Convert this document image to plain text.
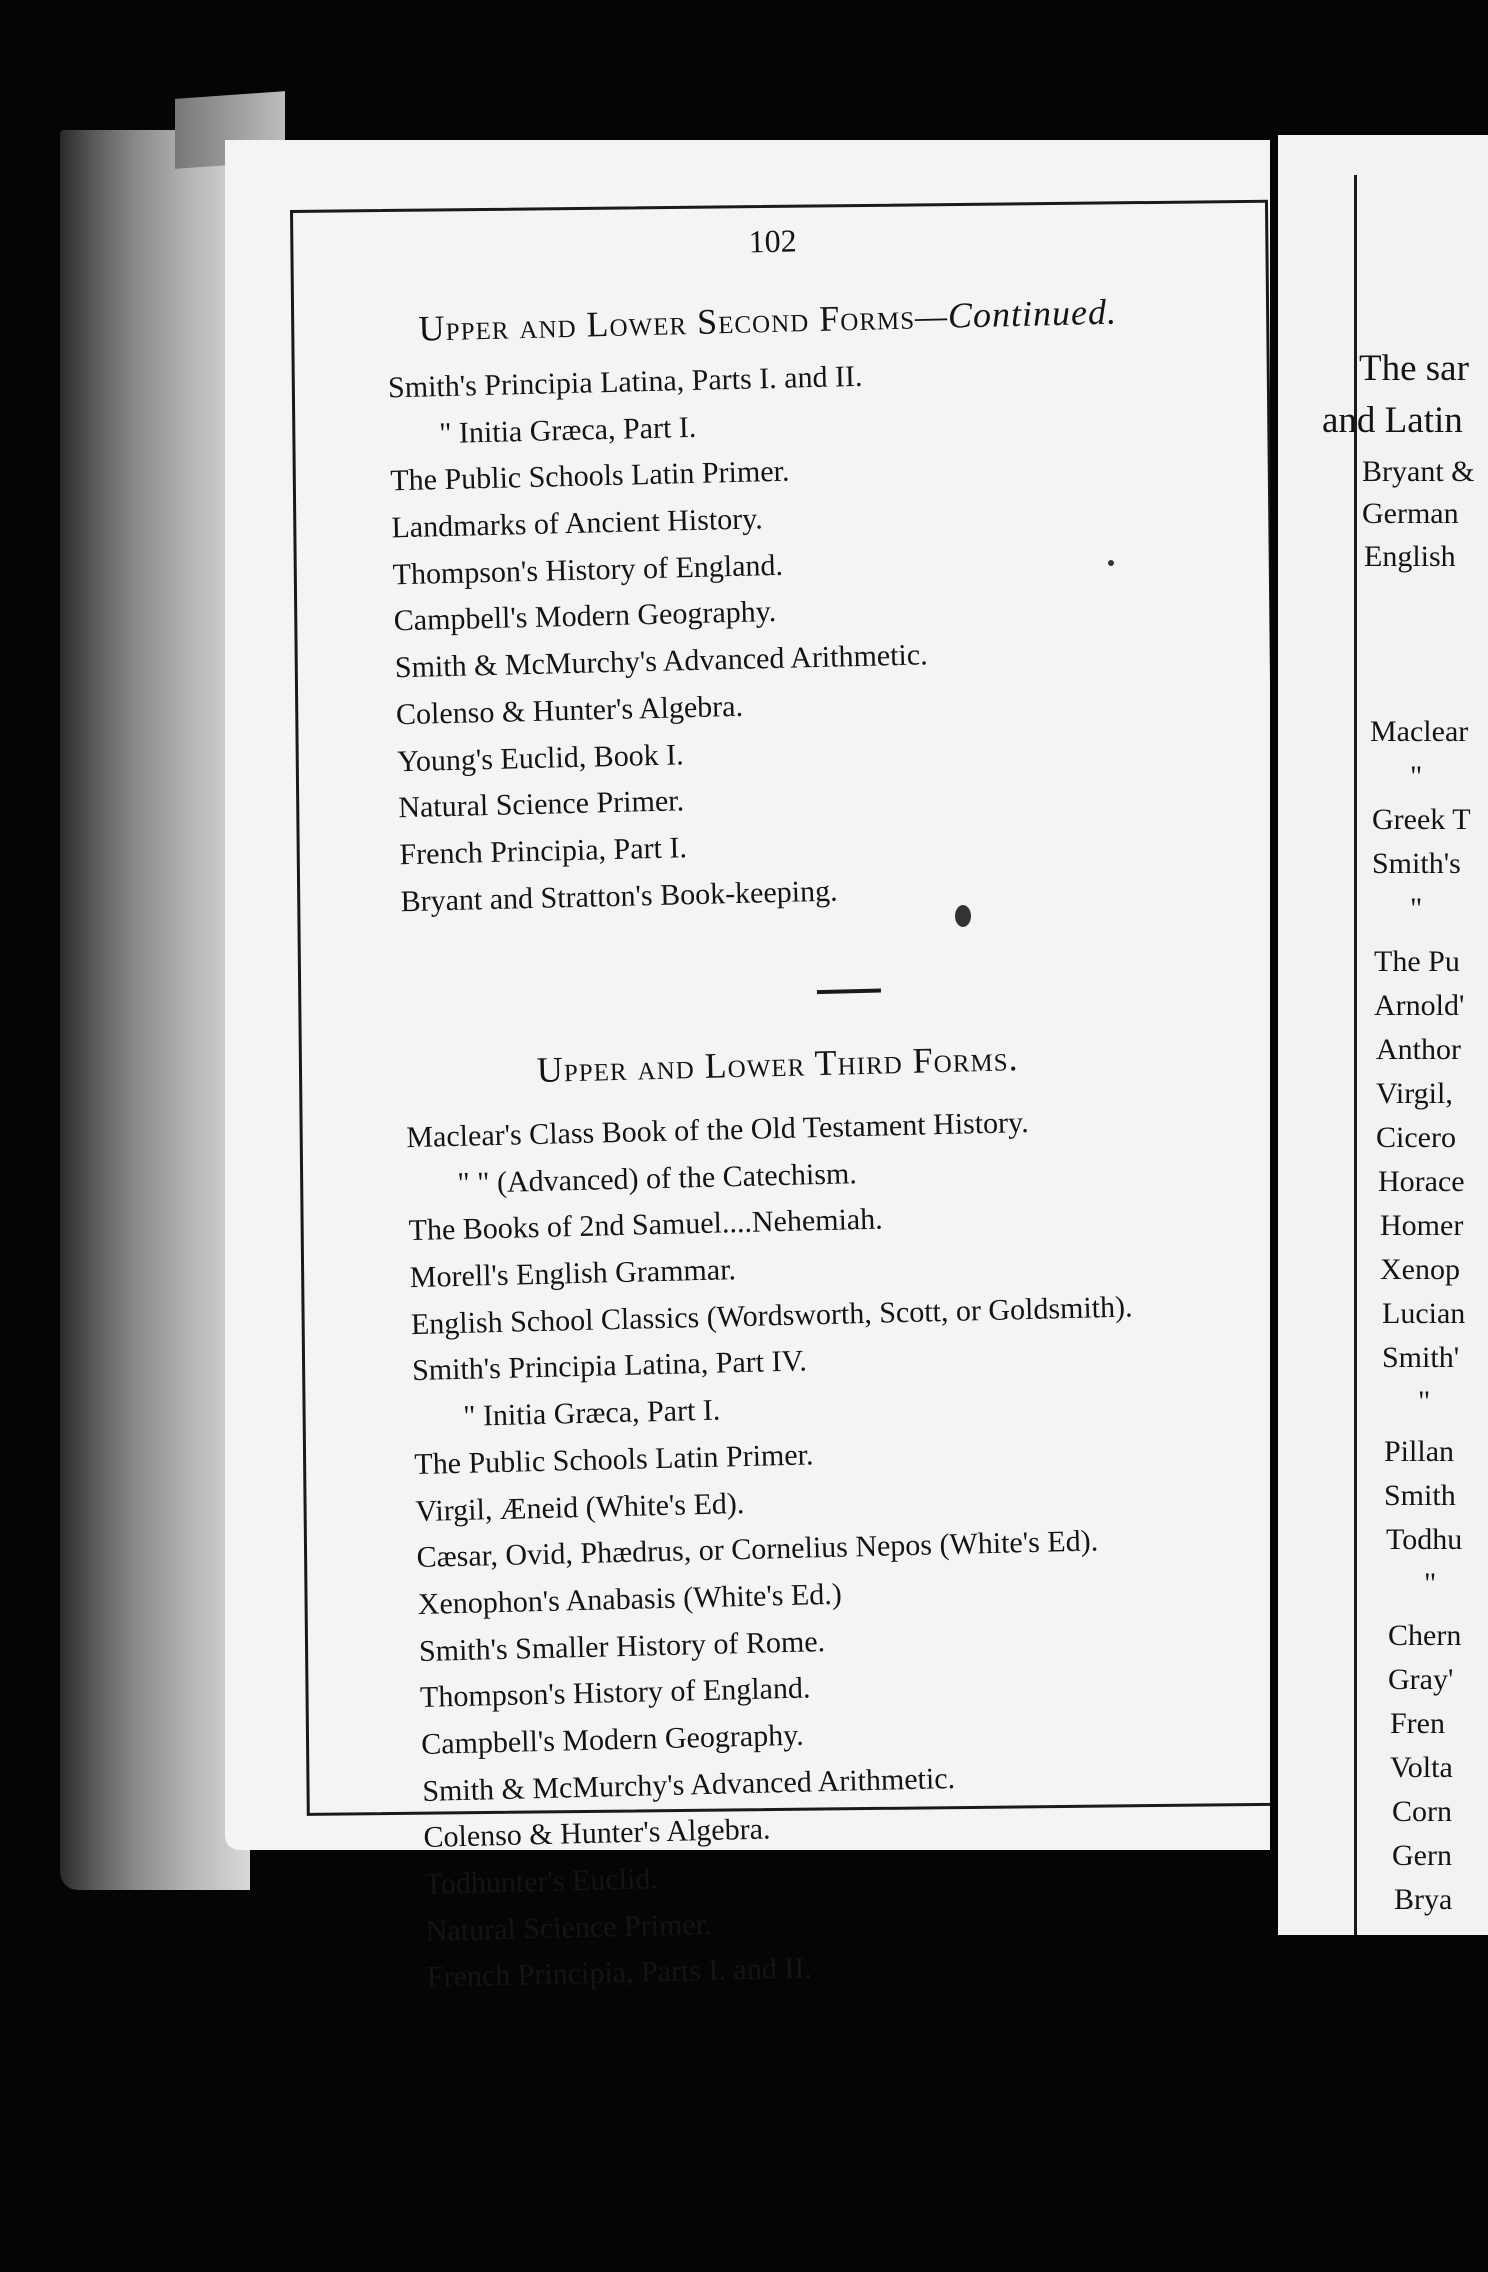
102
Upper and Lower Second Forms—Continued.
Smith's Principia Latina, Parts I. and II.
" Initia Græca, Part I.
The Public Schools Latin Primer.
Landmarks of Ancient History.
Thompson's History of England.
Campbell's Modern Geography.
Smith & McMurchy's Advanced Arithmetic.
Colenso & Hunter's Algebra.
Young's Euclid, Book I.
Natural Science Primer.
French Principia, Part I.
Bryant and Stratton's Book-keeping.
Upper and Lower Third Forms.
Maclear's Class Book of the Old Testament History.
" " (Advanced) of the Catechism.
The Books of 2nd Samuel....Nehemiah.
Morell's English Grammar.
English School Classics (Wordsworth, Scott, or Goldsmith).
Smith's Principia Latina, Part IV.
" Initia Græca, Part I.
The Public Schools Latin Primer.
Virgil, Æneid (White's Ed).
Cæsar, Ovid, Phædrus, or Cornelius Nepos (White's Ed).
Xenophon's Anabasis (White's Ed.)
Smith's Smaller History of Rome.
Thompson's History of England.
Campbell's Modern Geography.
Smith & McMurchy's Advanced Arithmetic.
Colenso & Hunter's Algebra.
Todhunter's Euclid.
Natural Science Primer.
French Principia, Parts I. and II.
The sar
and Latin
Bryant &
German
English
Maclear
"
Greek T
Smith's
"
The Pu
Arnold'
Anthor
Virgil,
Cicero
Horace
Homer
Xenop
Lucian
Smith'
"
Pillan
Smith
Todhu
"
Chern
Gray'
Fren
Volta
Corn
Gern
Brya
